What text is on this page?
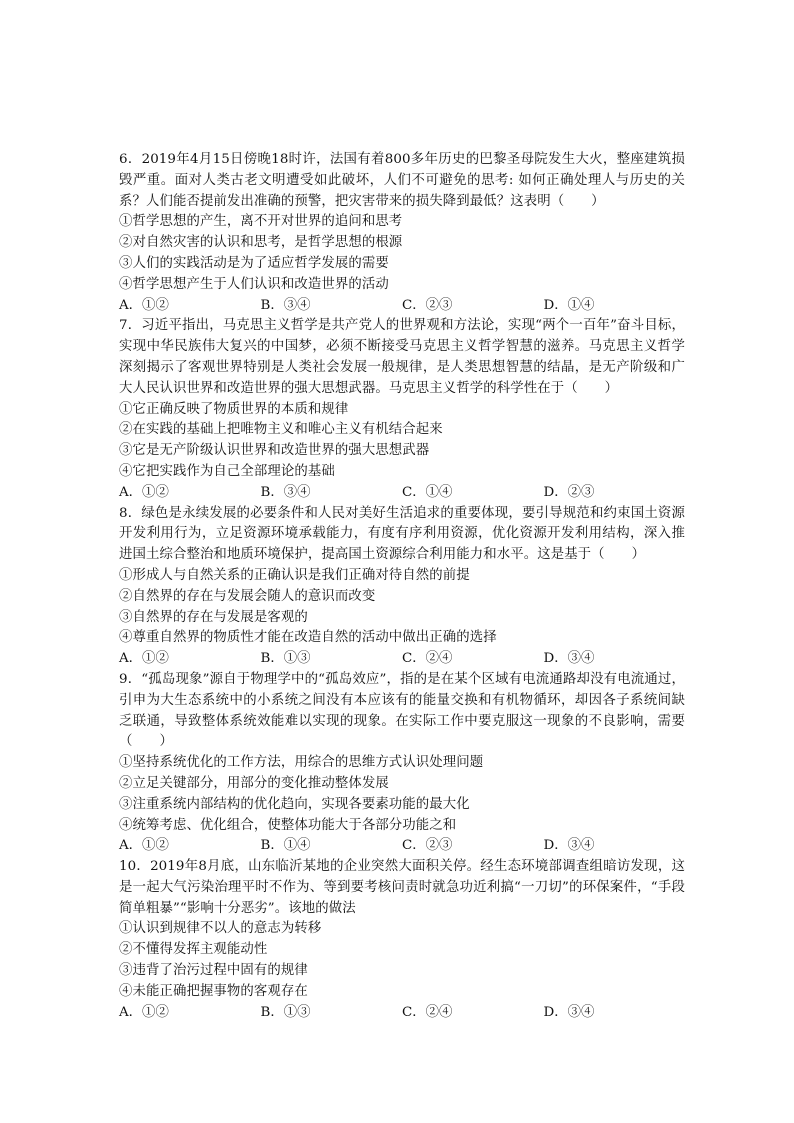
6．2019年4月15日傍晚18时许，法国有着800多年历史的巴黎圣母院发生大火，整座建筑损毁严重。面对人类古老文明遭受如此破坏，人们不可避免的思考: 如何正确处理人与历史的关系？人们能否提前发出准确的预警，把灾害带来的损失降到最低？这表明（　　）
①哲学思想的产生，离不开对世界的追问和思考
②对自然灾害的认识和思考，是哲学思想的根源
③人们的实践活动是为了适应哲学发展的需要
④哲学思想产生于人们认识和改造世界的活动
A．①②	B．③④	C．②③	D．①④
7．习近平指出，马克思主义哲学是共产党人的世界观和方法论，实现“两个一百年”奋斗目标，实现中华民族伟大复兴的中国梦，必须不断接受马克思主义哲学智慧的滋养。马克思主义哲学深刻揭示了客观世界特别是人类社会发展一般规律，是人类思想智慧的结晶，是无产阶级和广大人民认识世界和改造世界的强大思想武器。马克思主义哲学的科学性在于（　　）
①它正确反映了物质世界的本质和规律
②在实践的基础上把唯物主义和唯心主义有机结合起来
③它是无产阶级认识世界和改造世界的强大思想武器
④它把实践作为自己全部理论的基础
A．①②	B．③④	C．①④	D．②③
8．绿色是永续发展的必要条件和人民对美好生活追求的重要体现，要引导规范和约束国土资源开发利用行为，立足资源环境承载能力，有度有序利用资源，优化资源开发利用结构，深入推进国土综合整治和地质环境保护，提高国土资源综合利用能力和水平。这是基于（　　）
①形成人与自然关系的正确认识是我们正确对待自然的前提
②自然界的存在与发展会随人的意识而改变
③自然界的存在与发展是客观的
④尊重自然界的物质性才能在改造自然的活动中做出正确的选择
A．①②	B．①③	C．②④	D．③④
9．“孤岛现象”源自于物理学中的“孤岛效应”，指的是在某个区域有电流通路却没有电流通过，引申为大生态系统中的小系统之间没有本应该有的能量交换和有机物循环，却因各子系统间缺乏联通，导致整体系统效能难以实现的现象。在实际工作中要克服这一现象的不良影响，需要（　　）
①坚持系统优化的工作方法，用综合的思维方式认识处理问题
②立足关键部分，用部分的变化推动整体发展
③注重系统内部结构的优化趋向，实现各要素功能的最大化
④统筹考虑、优化组合，使整体功能大于各部分功能之和
A．①②	B．①④	C．②③	D．③④
10．2019年8月底，山东临沂某地的企业突然大面积关停。经生态环境部调查组暗访发现，这是一起大气污染治理平时不作为、等到要考核问责时就急功近利搞“一刀切”的环保案件，“手段简单粗暴”“影响十分恶劣”。该地的做法
①认识到规律不以人的意志为转移
②不懂得发挥主观能动性
③违背了治污过程中固有的规律
④未能正确把握事物的客观存在
A．①②	B．①③	C．②④	D．③④
